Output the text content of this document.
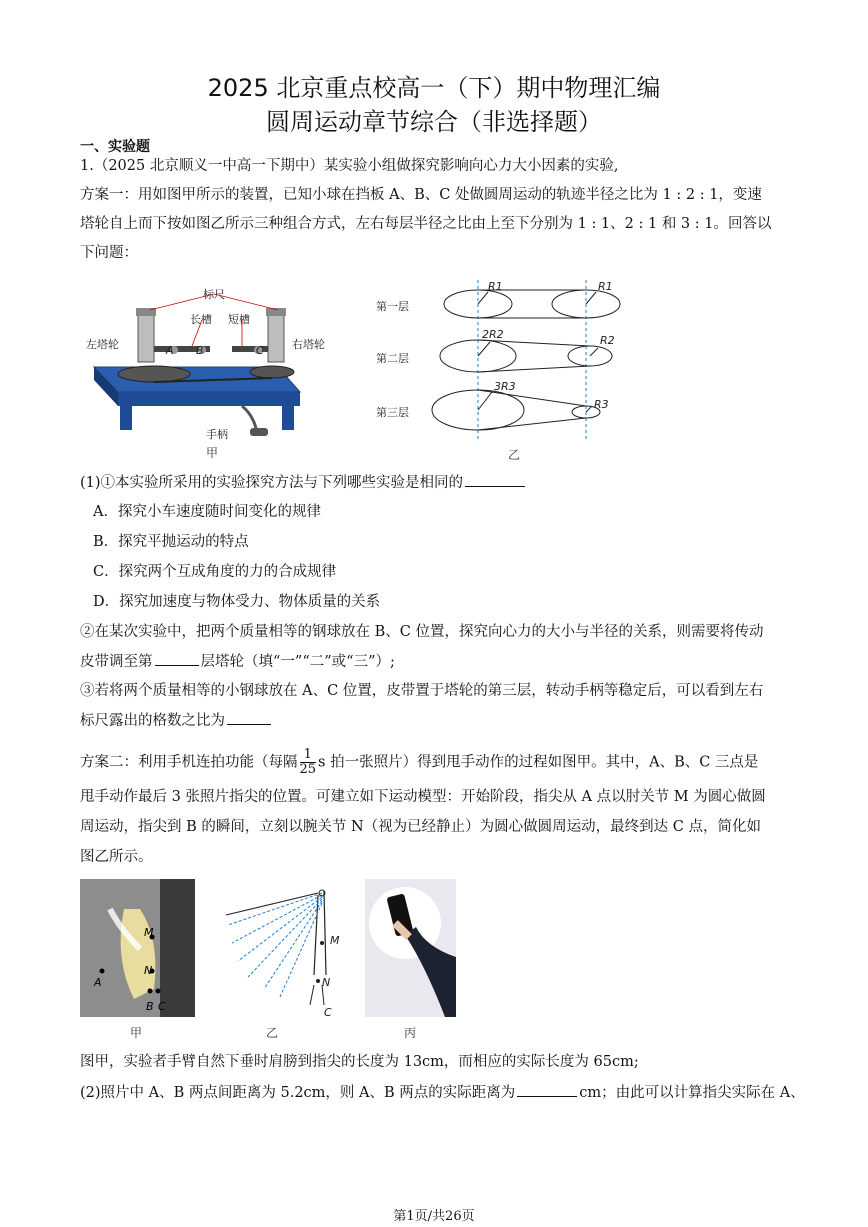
2025 北京重点校高一（下）期中物理汇编
圆周运动章节综合（非选择题）
一、实验题
1.（2025 北京顺义一中高一下期中）某实验小组做探究影响向心力大小因素的实验,
方案一：用如图甲所示的装置，已知小球在挡板 A、B、C 处做圆周运动的轨迹半径之比为 1 : 2 : 1，变速
塔轮自上而下按如图乙所示三种组合方式，左右每层半径之比由上至下分别为 1 : 1、2 : 1 和 3 : 1。回答以
下问题：
标尺
长槽 短槽
左塔轮	右塔轮
A B	C
手柄
甲
第一层
第二层
第三层
R1	R1
2R2	R2
3R3
R3
乙
(1)①本实验所采用的实验探究方法与下列哪些实验是相同的
A．探究小车速度随时间变化的规律
B．探究平抛运动的特点
C．探究两个互成角度的力的合成规律
D．探究加速度与物体受力、物体质量的关系
②在某次实验中，把两个质量相等的钢球放在 B、C 位置，探究向心力的大小与半径的关系，则需要将传动
皮带调至第	层塔轮（填“一”“二”或“三”）;
③若将两个质量相等的小钢球放在 A、C 位置，皮带置于塔轮的第三层，转动手柄等稳定后，可以看到左右
标尺露出的格数之比为
方案二：利用手机连拍功能（每隔 $\frac{1}{25}$ s 拍一张照片）得到甩手动作的过程如图甲。其中，A、B、C 三点是
甩手动作最后 3 张照片指尖的位置。可建立如下运动模型：开始阶段，指尖从 A 点以肘关节 M 为圆心做圆
周运动，指尖到 B 的瞬间，立刻以腕关节 N（视为已经静止）为圆心做圆周运动，最终到达 C 点，简化如
图乙所示。
M
N
A
B C
甲
M
N
C
乙	丙
图甲，实验者手臂自然下垂时肩膀到指尖的长度为 13cm，而相应的实际长度为 65cm;
(2)照片中 A、B 两点间距离为 5.2cm，则 A、B 两点的实际距离为	cm；由此可以计算指尖实际在 A、
第1页/共26页
